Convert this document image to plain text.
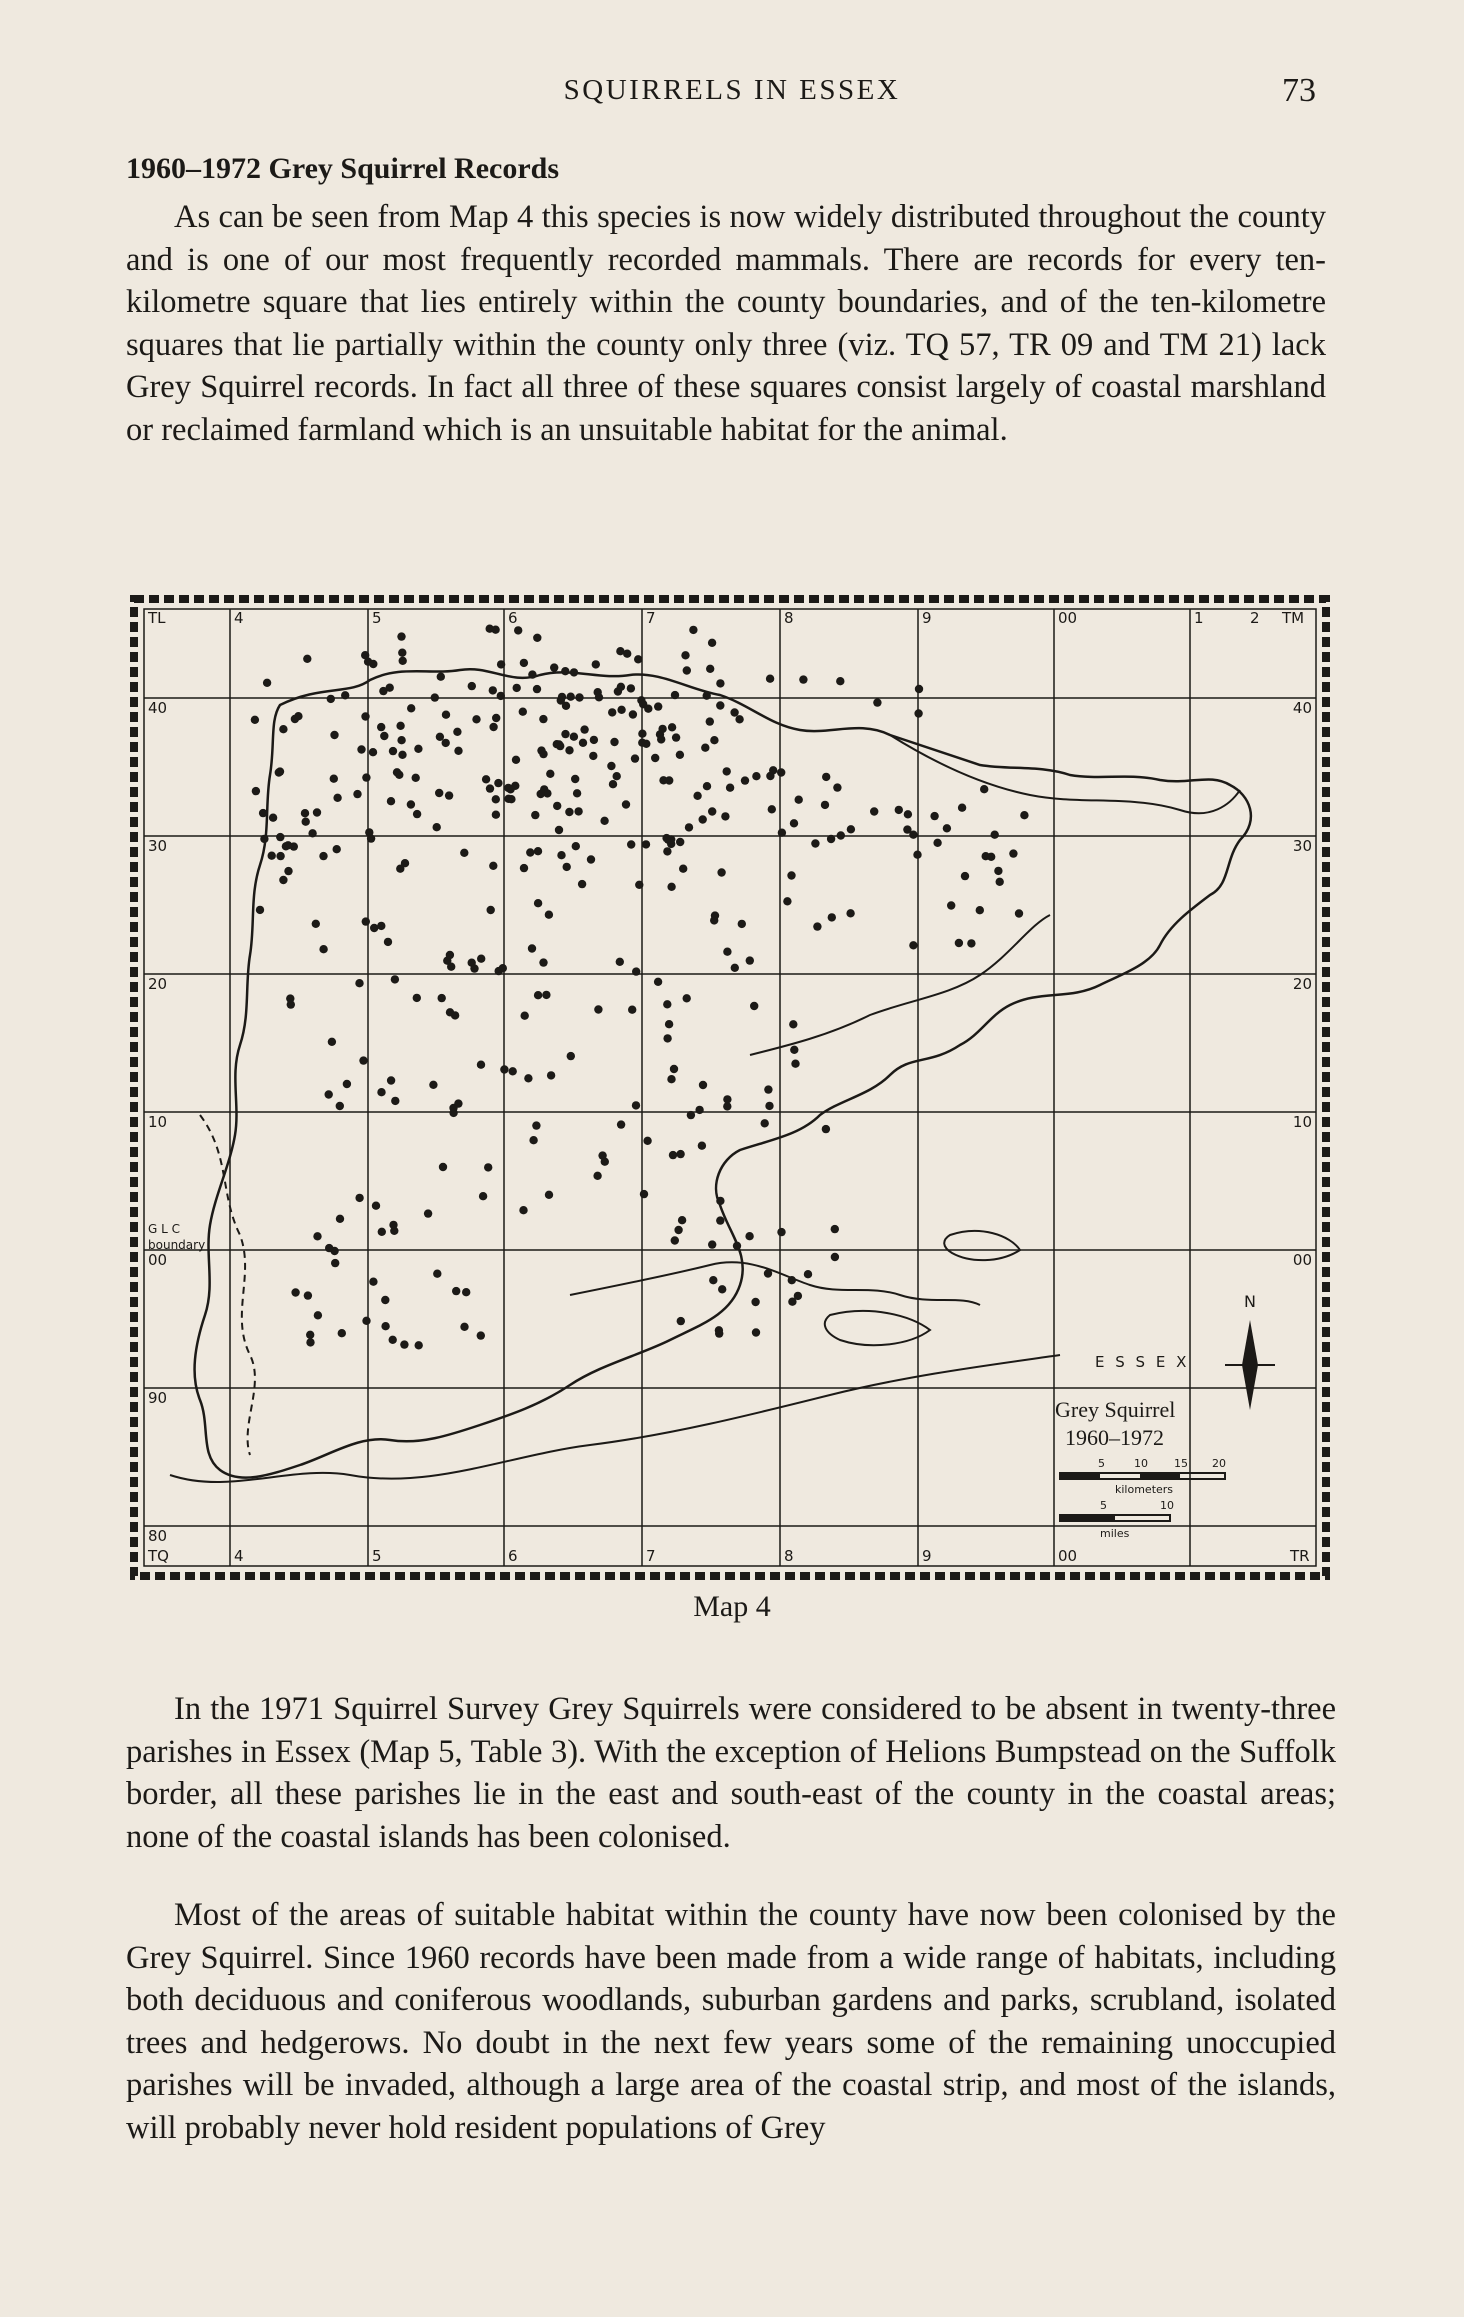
SQUIRRELS IN ESSEX	73
1960–1972 Grey Squirrel Records

As can be seen from Map 4 this species is now widely distributed throughout the county and is one of our most frequently recorded mammals. There are records for every ten-kilometre square that lies entirely within the county boundaries, and of the ten-kilometre squares that lie partially within the county only three (viz. TQ 57, TR 09 and TM 21) lack Grey Squirrel records. In fact all three of these squares consist largely of coastal marshland or reclaimed farmland which is an unsuitable habitat for the animal.

TL	4	5	6	7	8	9	00	1	2 TM
TQ	4	5	6	7	8	9	00	TR
40
30
20
10
00
90
80
40
30
20
10
00
G L C
boundary
N
E S S E X
Grey Squirrel
1960–1972
5	10 15 20
kilometers
5	10
miles
Map 4

In the 1971 Squirrel Survey Grey Squirrels were considered to be absent in twenty-three parishes in Essex (Map 5, Table 3). With the exception of Helions Bumpstead on the Suffolk border, all these parishes lie in the east and south-east of the county in the coastal areas; none of the coastal islands has been colonised.

Most of the areas of suitable habitat within the county have now been colonised by the Grey Squirrel. Since 1960 records have been made from a wide range of habitats, including both deciduous and coniferous woodlands, suburban gardens and parks, scrubland, isolated trees and hedgerows. No doubt in the next few years some of the remaining unoccupied parishes will be invaded, although a large area of the coastal strip, and most of the islands, will probably never hold resident populations of Grey
